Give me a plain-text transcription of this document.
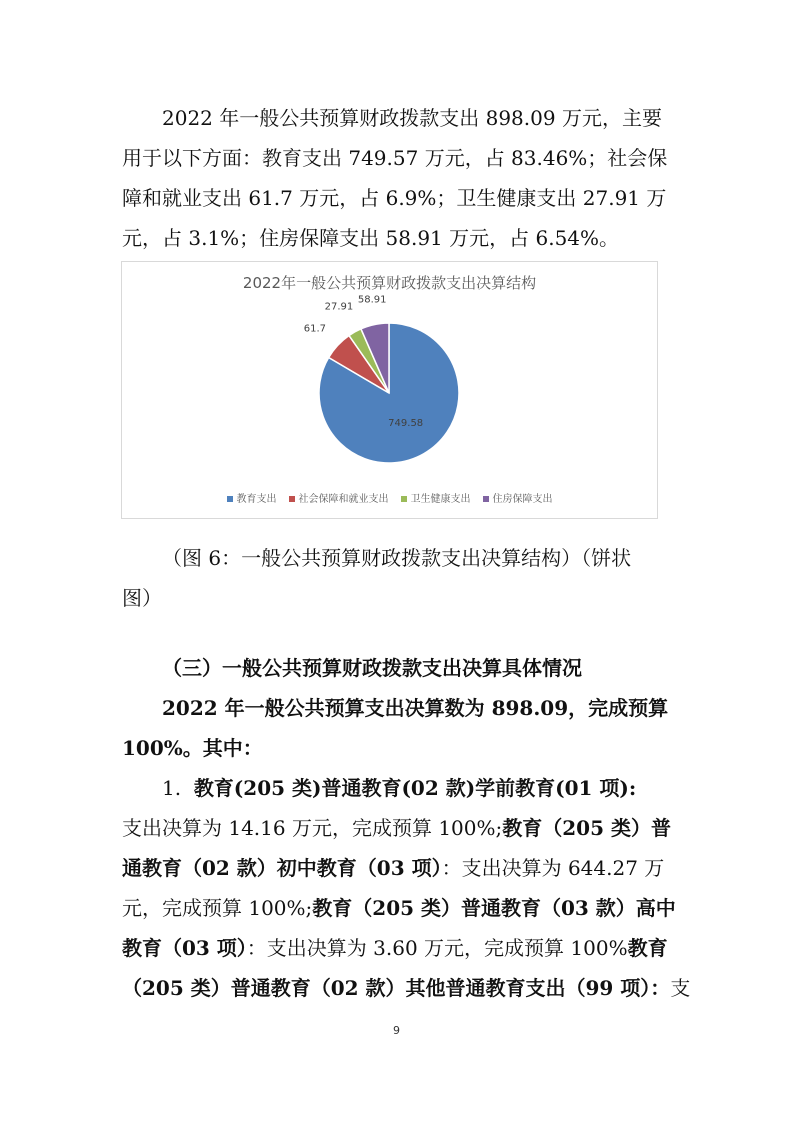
2022 年一般公共预算财政拨款支出 898.09 万元，主要
用于以下方面：教育支出 749.57 万元，占 83.46%；社会保
障和就业支出 61.7 万元，占 6.9%；卫生健康支出 27.91 万
元，占 3.1%；住房保障支出 58.91 万元，占 6.54%。
2022年一般公共预算财政拨款支出决算结构
749.58
61.7
27.91
58.91
教育支出 社会保障和就业支出 卫生健康支出 住房保障支出
（图 6：一般公共预算财政拨款支出决算结构）（饼状
图）
（三）一般公共预算财政拨款支出决算具体情况
2022 年一般公共预算支出决算数为 898.09，完成预算
100%。其中：
1. 教育(205 类)普通教育(02 款)学前教育(01 项):
支出决算为 14.16 万元，完成预算 100%;教育（205 类）普
通教育（02 款）初中教育（03 项）：支出决算为 644.27 万
元，完成预算 100%;教育（205 类）普通教育（03 款）高中
教育（03 项）：支出决算为 3.60 万元，完成预算 100%教育
（205 类）普通教育（02 款）其他普通教育支出（99 项）：支
9
